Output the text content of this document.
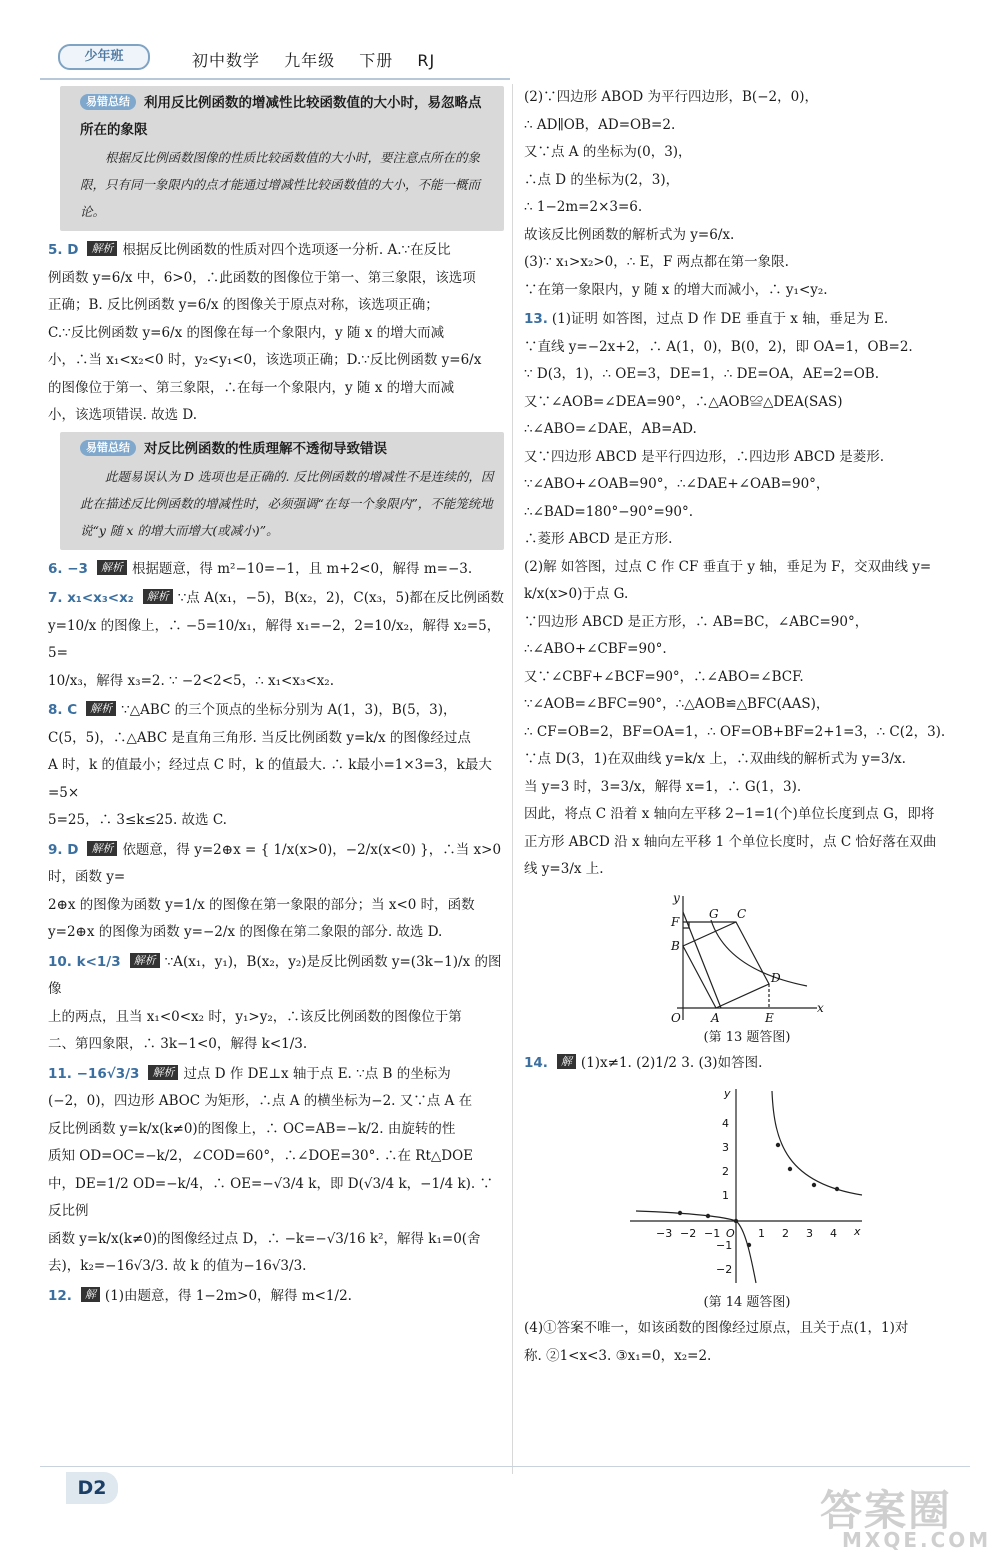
少年班	初中数学 九年级 下册 RJ
易错总结 利用反比例函数的增减性比较函数值的大小时，易忽略点所在的象限
根据反比例函数图像的性质比较函数值的大小时，要注意点所在的象限，只有同一象限内的点才能通过增减性比较函数值的大小，不能一概而论。
5. D 解析 根据反比例函数的性质对四个选项逐一分析. A.∵在反比
例函数 y=6/x 中，6>0，∴此函数的图像位于第一、第三象限，该选项
正确；B. 反比例函数 y=6/x 的图像关于原点对称，该选项正确；
C.∵反比例函数 y=6/x 的图像在每一个象限内，y 随 x 的增大而减
小，∴当 x₁<x₂<0 时，y₂<y₁<0，该选项正确；D.∵反比例函数 y=6/x
的图像位于第一、第三象限，∴在每一个象限内，y 随 x 的增大而减
小，该选项错误. 故选 D.
易错总结 对反比例函数的性质理解不透彻导致错误
此题易误认为 D 选项也是正确的. 反比例函数的增减性不是连续的，因此在描述反比例函数的增减性时，必须强调“在每一个象限内”，不能笼统地说“y 随 x 的增大而增大(或减小)”。
6. −3 解析 根据题意，得 m²−10=−1，且 m+2<0，解得 m=−3.
7. x₁<x₃<x₂ 解析 ∵点 A(x₁，−5)，B(x₂，2)，C(x₃，5)都在反比例函数
y=10/x 的图像上，∴ −5=10/x₁，解得 x₁=−2，2=10/x₂，解得 x₂=5，5=
10/x₃，解得 x₃=2. ∵ −2<2<5，∴ x₁<x₃<x₂.
8. C 解析 ∵△ABC 的三个顶点的坐标分别为 A(1，3)，B(5，3)，
C(5，5)，∴△ABC 是直角三角形. 当反比例函数 y=k/x 的图像经过点
A 时，k 的值最小；经过点 C 时，k 的值最大. ∴ k最小=1×3=3，k最大=5×
5=25，∴ 3≤k≤25. 故选 C.
9. D 解析 依题意，得 y=2⊕x = { 1/x(x>0)，−2/x(x<0) }，∴当 x>0 时，函数 y=
2⊕x 的图像为函数 y=1/x 的图像在第一象限的部分；当 x<0 时，函数
y=2⊕x 的图像为函数 y=−2/x 的图像在第二象限的部分. 故选 D.
10. k<1/3 解析 ∵A(x₁，y₁)，B(x₂，y₂)是反比例函数 y=(3k−1)/x 的图像
上的两点，且当 x₁<0<x₂ 时，y₁>y₂，∴该反比例函数的图像位于第
二、第四象限，∴ 3k−1<0，解得 k<1/3.
11. −16√3/3 解析 过点 D 作 DE⊥x 轴于点 E. ∵点 B 的坐标为
(−2，0)，四边形 ABOC 为矩形，∴点 A 的横坐标为−2. 又∵点 A 在
反比例函数 y=k/x(k≠0)的图像上，∴ OC=AB=−k/2. 由旋转的性
质知 OD=OC=−k/2，∠COD=60°，∴∠DOE=30°. ∴在 Rt△DOE
中，DE=1/2 OD=−k/4，∴ OE=−√3/4 k，即 D(√3/4 k，−1/4 k). ∵反比例
函数 y=k/x(k≠0)的图像经过点 D，∴ −k=−√3/16 k²，解得 k₁=0(舍
去)，k₂=−16√3/3. 故 k 的值为−16√3/3.
12. 解 (1)由题意，得 1−2m>0，解得 m<1/2.
(2)∵四边形 ABOD 为平行四边形，B(−2，0)，
∴ AD∥OB，AD=OB=2.
又∵点 A 的坐标为(0，3)，
∴点 D 的坐标为(2，3)，
∴ 1−2m=2×3=6.
故该反比例函数的解析式为 y=6/x.
(3)∵ x₁>x₂>0，∴ E，F 两点都在第一象限.
∵在第一象限内，y 随 x 的增大而减小，∴ y₁<y₂.
13. (1)证明 如答图，过点 D 作 DE 垂直于 x 轴，垂足为 E.
∵直线 y=−2x+2，∴ A(1，0)，B(0，2)，即 OA=1，OB=2.
∵ D(3，1)，∴ OE=3，DE=1，∴ DE=OA，AE=2=OB.
又∵∠AOB=∠DEA=90°，∴△AOB≌△DEA(SAS)
∴∠ABO=∠DAE，AB=AD.
又∵四边形 ABCD 是平行四边形，∴四边形 ABCD 是菱形.
∵∠ABO+∠OAB=90°，∴∠DAE+∠OAB=90°，
∴∠BAD=180°−90°=90°.
∴菱形 ABCD 是正方形.
(2)解 如答图，过点 C 作 CF 垂直于 y 轴，垂足为 F，交双曲线 y=
k/x(x>0)于点 G.
∵四边形 ABCD 是正方形，∴ AB=BC，∠ABC=90°，
∴∠ABO+∠CBF=90°.
又∵∠CBF+∠BCF=90°，∴∠ABO=∠BCF.
∵∠AOB=∠BFC=90°，∴△AOB≌△BFC(AAS)，
∴ CF=OB=2，BF=OA=1，∴ OF=OB+BF=2+1=3，∴ C(2，3).
∵点 D(3，1)在双曲线 y=k/x 上，∴双曲线的解析式为 y=3/x.
当 y=3 时，3=3/x，解得 x=1，∴ G(1，3).
因此，将点 C 沿着 x 轴向左平移 2−1=1(个)单位长度到点 G，即将
正方形 ABCD 沿 x 轴向左平移 1 个单位长度时，点 C 恰好落在双曲
线 y=3/x 上.
y
G C
F
B
D
O	A	E
x
(第 13 题答图)
14. 解 (1)x≠1. (2)1/2 3. (3)如答图.
−3 −2 −1 O 1 2 3 4
4
3
2
1
−1
−2
y
x
(第 14 题答图)
(4)①答案不唯一，如该函数的图像经过原点，且关于点(1，1)对
称. ②1<x<3. ③x₁=0，x₂=2.
D2	答案圈
MXQE.COM
